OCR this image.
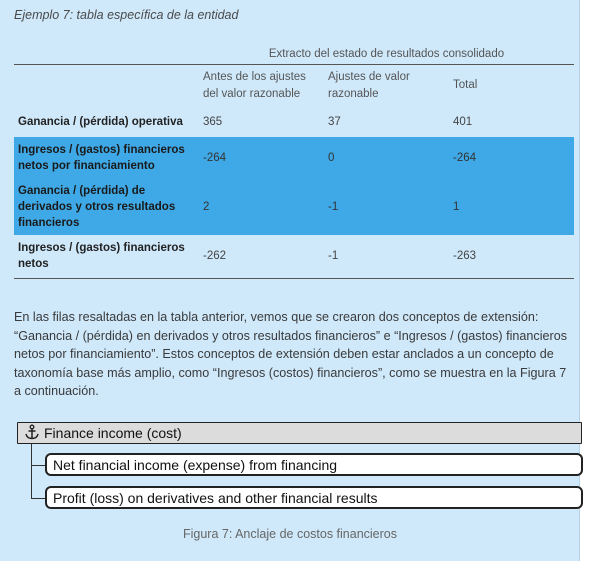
Ejemplo 7: tabla específica de la entidad
	Extracto del estado de resultados consolidado		
	Antes de los ajustes del valor razonable	Ajustes de valor razonable	Total
Ganancia / (pérdida) operativa	365	37	401
Ingresos / (gastos) financieros netos por financiamiento	-264	0	-264
Ganancia / (pérdida) de derivados y otros resultados financieros	2	-1	1
Ingresos / (gastos) financieros netos	-262	-1	-263

En las filas resaltadas en la tabla anterior, vemos que se crearon dos conceptos de extensión: “Ganancia / (pérdida) en derivados y otros resultados financieros” e “Ingresos / (gastos) financieros netos por financiamiento”. Estos conceptos de extensión deben estar anclados a un concepto de taxonomía base más amplio, como “Ingresos (costos) financieros”, como se muestra en la Figura 7 a continuación.

Figura 7: Anclaje de costos financieros
Finance income (cost)
Net financial income (expense) from financing
Profit (loss) on derivatives and other financial results
